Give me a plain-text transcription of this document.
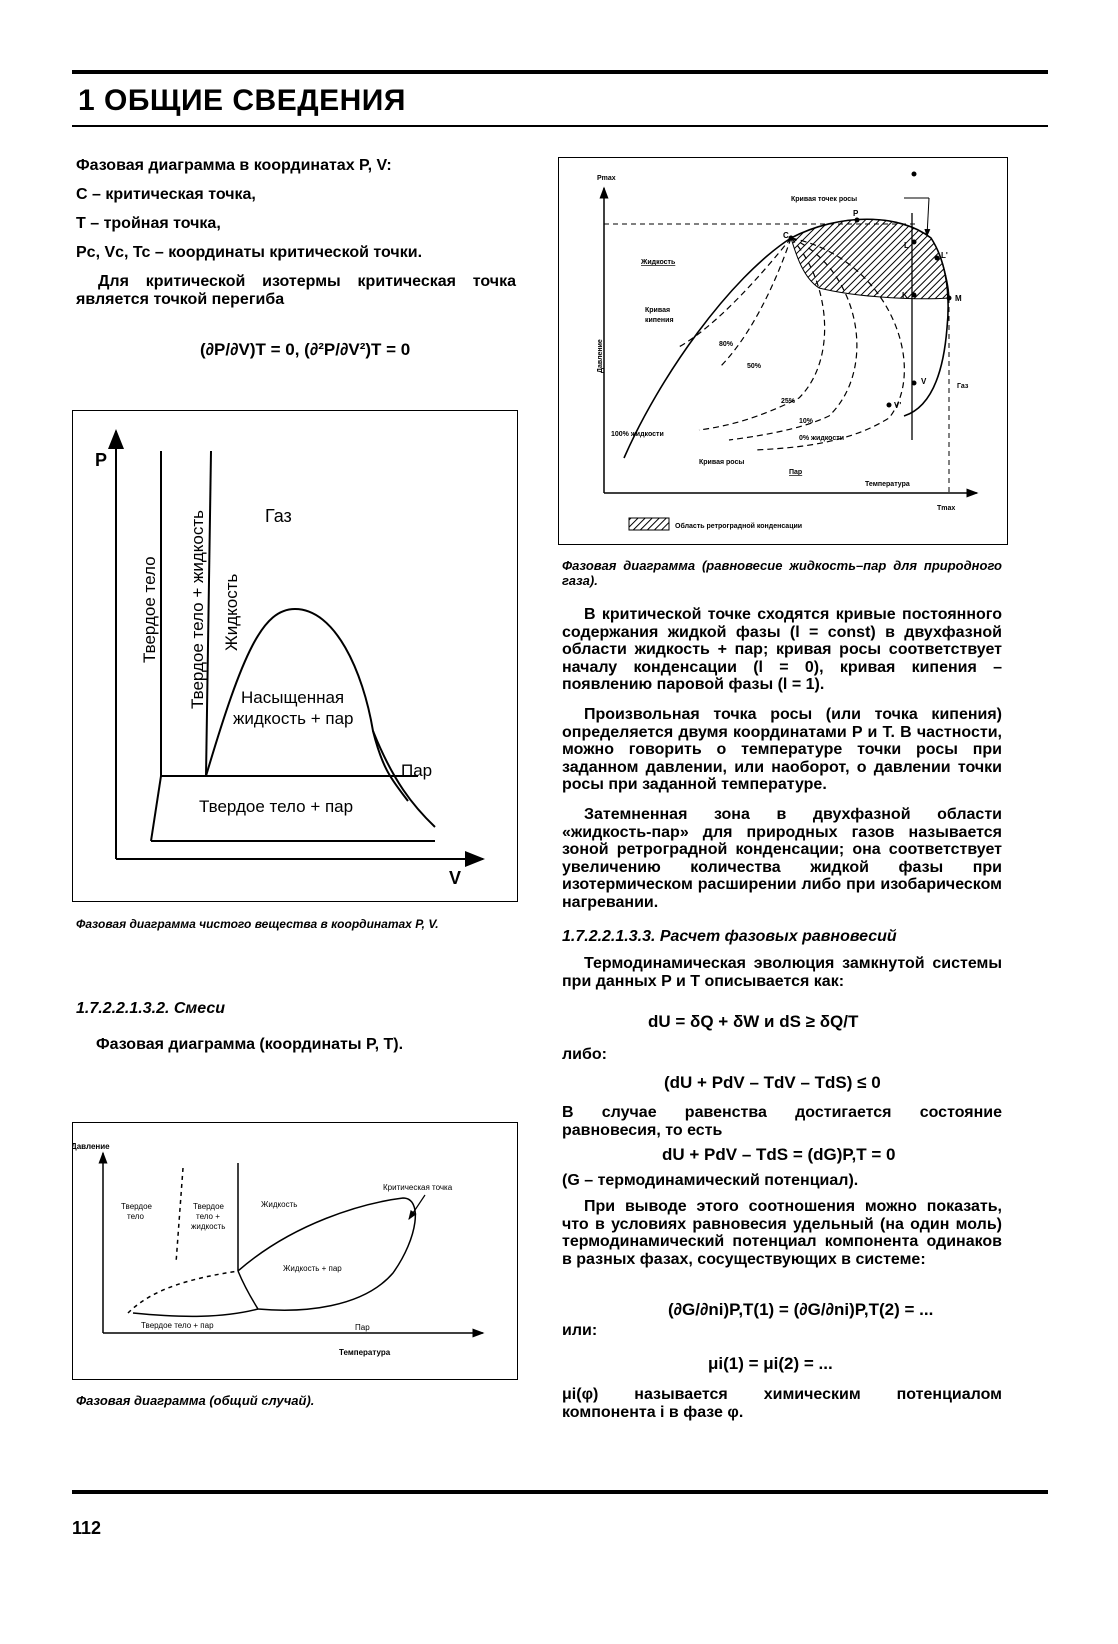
1 ОБЩИЕ СВЕДЕНИЯ
Фазовая диаграмма в координатах P, V:
С – критическая точка,
Т – тройная точка,
Pc, Vc, Tc – координаты критической точки.
Для критической изотермы критическая точка является точкой перегиба
(∂P/∂V)T = 0, (∂²P/∂V²)T = 0
P
V
Газ
Твердое тело Твердое тело + жидкость Жидкость
Насыщенная
жидкость + пар
Пар
Твердое тело + пар
Фазовая диаграмма чистого вещества в координатах P, V.
1.7.2.2.1.3.2. Смеси
Фазовая диаграмма (координаты P, T).
Давление
Температура
Твердое
тело
Твердое
тело +
жидкость
Жидкость
Критическая точка
Жидкость + пар
Твердое тело + пар	Пар
Фазовая диаграмма (общий случай).
Pmax
Tmax
Давление
Температура
Кривая точек росы
Жидкость
Кривая
кипения
80%
50%
25%
10%
100% жидкости
0% жидкости
Кривая росы
Пар
Газ
P
C
L
L'
K	M
V
V'
Область ретроградной конденсации
Фазовая диаграмма (равновесие жидкость–пар для природного газа).
В критической точке сходятся кривые постоянного содержания жидкой фазы (l = const) в двухфазной области жидкость + пар; кривая росы соответствует началу конденсации (l = 0), кривая кипения – появлению паровой фазы (l = 1).
Произвольная точка росы (или точка кипения) определяется двумя координатами P и T. В частности, можно говорить о температуре точки росы при заданном давлении, или наоборот, о давлении точки росы при заданной температуре.
Затемненная зона в двухфазной области «жидкость-пар» для природных газов называется зоной ретроградной конденсации; она соответствует увеличению количества жидкой фазы при изотермическом расширении либо при изобарическом нагревании.
1.7.2.2.1.3.3. Расчет фазовых равновесий
Термодинамическая эволюция замкнутой системы при данных P и T описывается как:
dU = δQ + δW и dS ≥ δQ/T
либо:
(dU + PdV – TdV – TdS) ≤ 0
В случае равенства достигается состояние равновесия, то есть
dU + PdV – TdS = (dG)P,T = 0
(G – термодинамический потенциал).
При выводе этого соотношения можно показать, что в условиях равновесия удельный (на один моль) термодинамический потенциал компонента одинаков в разных фазах, сосуществующих в системе:
(∂G/∂ni)P,T(1) = (∂G/∂ni)P,T(2) = ...
или:
μi(1) = μi(2) = ...
μi(φ) называется химическим потенциалом компонента i в фазе φ.
112
